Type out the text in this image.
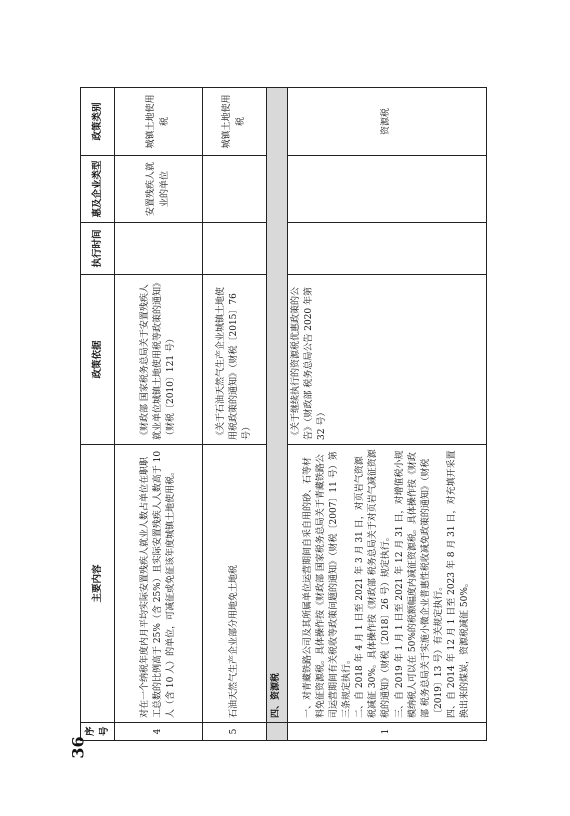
序号	主要内容	政策依据	执行时间	惠及企业类型	政策类别
4	对在一个纳税年度内月平均实际安置残疾人就业人数占单位在职职工总数的比例高于 25%（含 25%）且实际安置残疾人人数高于 10 人（含 10 人）的单位，可减征或免征该年度城镇土地使用税。	《财政部 国家税务总局关于安置残疾人就业单位城镇土地使用税等政策的通知》（财税〔2010〕121 号）		安置残疾人就业的单位	城镇土地使用税
5	石油天然气生产企业部分用地免土地税	《关于石油天然气生产企业城镇土地使用税政策的通知》（财税〔2015〕76 号）			城镇土地使用税
	四、资源税				
1	一、对青藏铁路公司及其所属单位运营期间自采自用的砂、石等材料免征资源税。具体操作按《财政部 国家税务总局关于青藏铁路公司运营期间有关税收等政策问题的通知》（财税〔2007〕11 号）第三条规定执行。 二、自 2018 年 4 月 1 日至 2021 年 3 月 31 日，对页岩气资源税减征 30%。具体操作按《财政部 税务总局关于对页岩气减征资源税的通知》（财税〔2018〕26 号）规定执行。 三、自 2019 年 1 月 1 日至 2021 年 12 月 31 日，对增值税小规模纳税人可以在 50%的税额幅度内减征资源税。具体操作按《财政部 税务总局关于实施小微企业普惠性税收减免政策的通知》（财税〔2019〕13 号）有关规定执行。 四、自 2014 年 12 月 1 日至 2023 年 8 月 31 日，对充填开采置换出来的煤炭，资源税减征 50%。	《关于继续执行的资源税优惠政策的公告》（财政部 税务总局公告 2020 年第 32 号）			资源税
36
